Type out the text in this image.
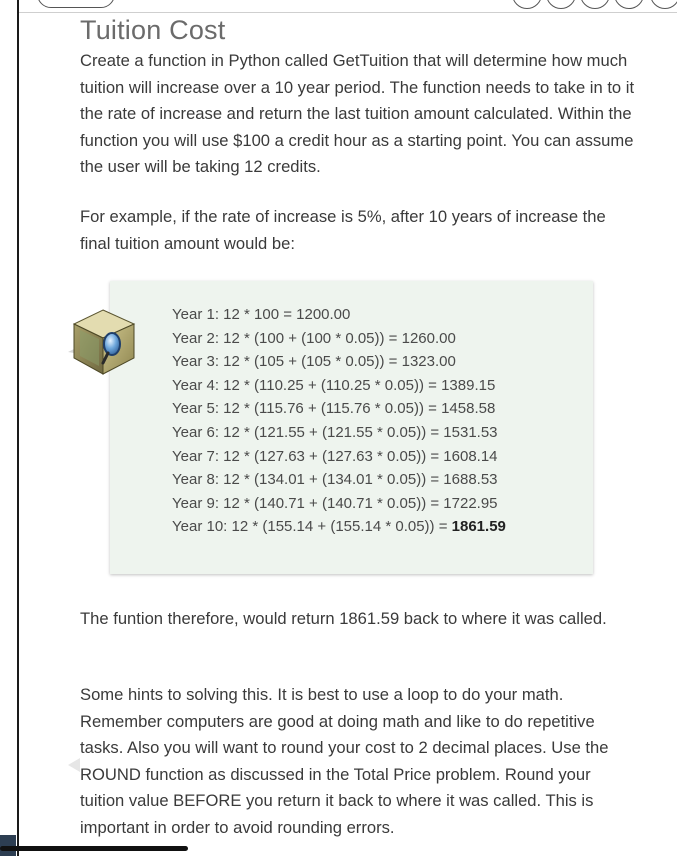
Tuition Cost

Create a function in Python called GetTuition that will determine how much tuition will increase over a 10 year period. The function needs to take in to it the rate of increase and return the last tuition amount calculated. Within the function you will use $100 a credit hour as a starting point. You can assume the user will be taking 12 credits.

For example, if the rate of increase is 5%, after 10 years of increase the final tuition amount would be:

Year 1: 12 * 100 = 1200.00
Year 2: 12 * (100 + (100 * 0.05)) = 1260.00
Year 3: 12 * (105 + (105 * 0.05)) = 1323.00
Year 4: 12 * (110.25 + (110.25 * 0.05)) = 1389.15
Year 5: 12 * (115.76 + (115.76 * 0.05)) = 1458.58
Year 6: 12 * (121.55 + (121.55 * 0.05)) = 1531.53
Year 7: 12 * (127.63 + (127.63 * 0.05)) = 1608.14
Year 8: 12 * (134.01 + (134.01 * 0.05)) = 1688.53
Year 9: 12 * (140.71 + (140.71 * 0.05)) = 1722.95
Year 10: 12 * (155.14 + (155.14 * 0.05)) = 1861.59

The funtion therefore, would return 1861.59 back to where it was called.

Some hints to solving this. It is best to use a loop to do your math. Remember computers are good at doing math and like to do repetitive tasks. Also you will want to round your cost to 2 decimal places. Use the ROUND function as discussed in the Total Price problem. Round your tuition value BEFORE you return it back to where it was called. This is important in order to avoid rounding errors.
